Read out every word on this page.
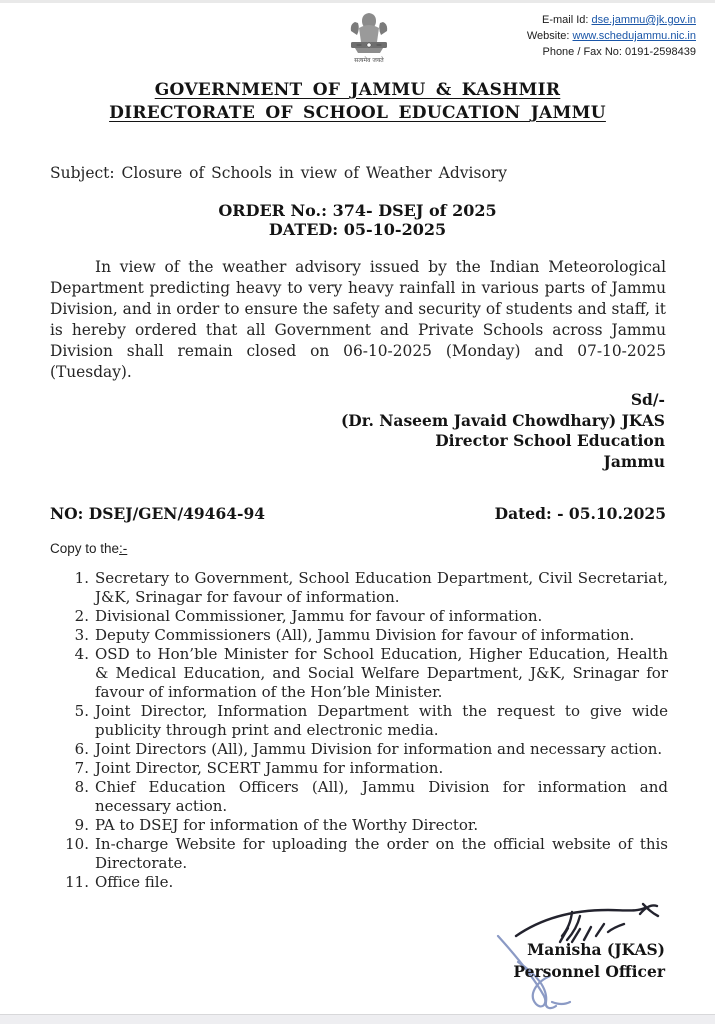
सत्यमेव जयते
E-mail Id: dse.jammu@jk.gov.in
Website: www.schedujammu.nic.in
Phone / Fax No: 0191-2598439
GOVERNMENT OF JAMMU & KASHMIR
DIRECTORATE OF SCHOOL EDUCATION JAMMU
Subject: Closure of Schools in view of Weather Advisory
ORDER No.: 374- DSEJ of 2025
DATED: 05-10-2025
In view of the weather advisory issued by the Indian Meteorological Department predicting heavy to very heavy rainfall in various parts of Jammu Division, and in order to ensure the safety and security of students and staff, it is hereby ordered that all Government and Private Schools across Jammu Division shall remain closed on 06-10-2025 (Monday) and 07-10-2025 (Tuesday).
Sd/-
(Dr. Naseem Javaid Chowdhary) JKAS
Director School Education
Jammu
NO: DSEJ/GEN/49464-94	Dated: - 05.10.2025
Copy to the:-
Secretary to Government, School Education Department, Civil Secretariat, J&K, Srinagar for favour of information.
Divisional Commissioner, Jammu for favour of information.
Deputy Commissioners (All), Jammu Division for favour of information.
OSD to Hon’ble Minister for School Education, Higher Education, Health & Medical Education, and Social Welfare Department, J&K, Srinagar for favour of information of the Hon’ble Minister.
Joint Director, Information Department with the request to give wide publicity through print and electronic media.
Joint Directors (All), Jammu Division for information and necessary action.
Joint Director, SCERT Jammu for information.
Chief Education Officers (All), Jammu Division for information and necessary action.
PA to DSEJ for information of the Worthy Director.
In-charge Website for uploading the order on the official website of this Directorate.
Office file.
Manisha (JKAS)
Personnel Officer
